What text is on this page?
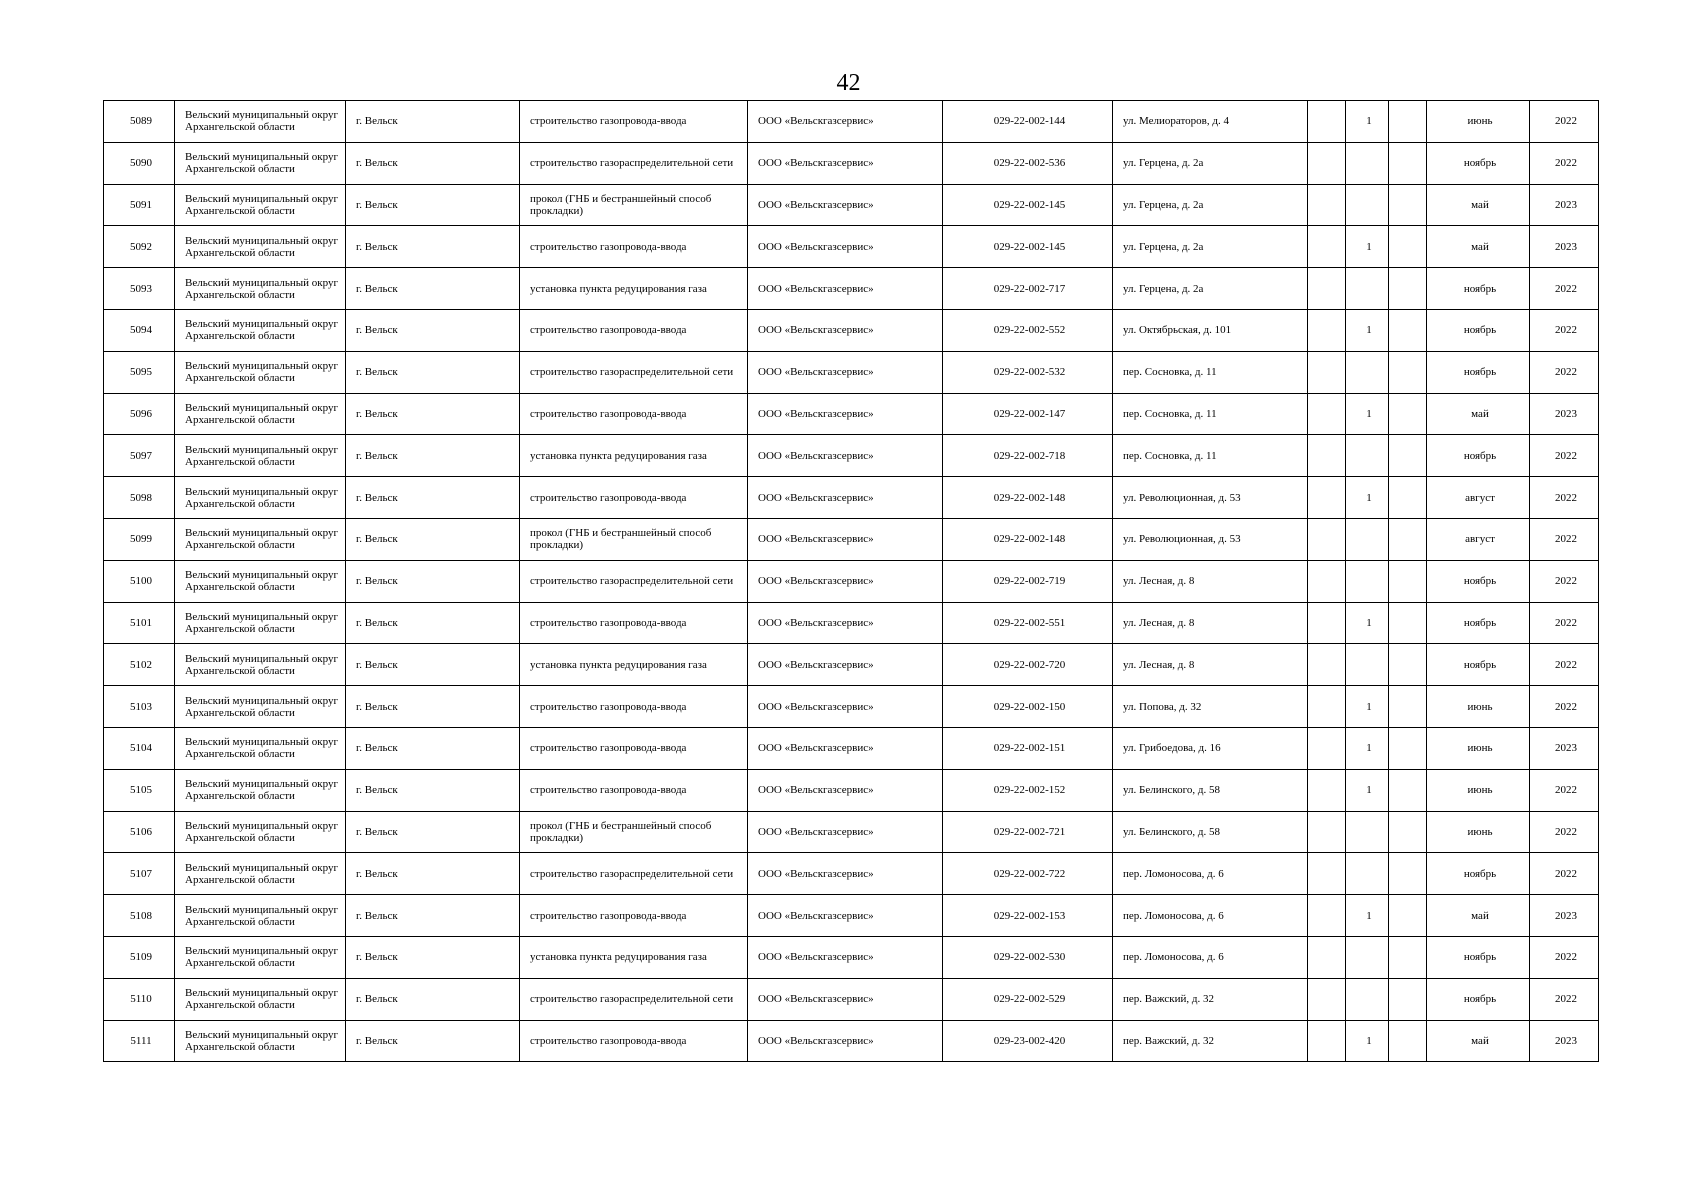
42
5089	Вельский муниципальный округ Архангельской области	г. Вельск	строительство газопровода-ввода	ООО «Вельскгазсервис»	029-22-002-144	ул. Мелиораторов, д. 4		1		июнь	2022
5090	Вельский муниципальный округ Архангельской области	г. Вельск	строительство газораспределительной сети	ООО «Вельскгазсервис»	029-22-002-536	ул. Герцена, д. 2а				ноябрь	2022
5091	Вельский муниципальный округ Архангельской области	г. Вельск	прокол (ГНБ и бестраншейный способ прокладки)	ООО «Вельскгазсервис»	029-22-002-145	ул. Герцена, д. 2а				май	2023
5092	Вельский муниципальный округ Архангельской области	г. Вельск	строительство газопровода-ввода	ООО «Вельскгазсервис»	029-22-002-145	ул. Герцена, д. 2а		1		май	2023
5093	Вельский муниципальный округ Архангельской области	г. Вельск	установка пункта редуцирования газа	ООО «Вельскгазсервис»	029-22-002-717	ул. Герцена, д. 2а				ноябрь	2022
5094	Вельский муниципальный округ Архангельской области	г. Вельск	строительство газопровода-ввода	ООО «Вельскгазсервис»	029-22-002-552	ул. Октябрьская, д. 101		1		ноябрь	2022
5095	Вельский муниципальный округ Архангельской области	г. Вельск	строительство газораспределительной сети	ООО «Вельскгазсервис»	029-22-002-532	пер. Сосновка, д. 11				ноябрь	2022
5096	Вельский муниципальный округ Архангельской области	г. Вельск	строительство газопровода-ввода	ООО «Вельскгазсервис»	029-22-002-147	пер. Сосновка, д. 11		1		май	2023
5097	Вельский муниципальный округ Архангельской области	г. Вельск	установка пункта редуцирования газа	ООО «Вельскгазсервис»	029-22-002-718	пер. Сосновка, д. 11				ноябрь	2022
5098	Вельский муниципальный округ Архангельской области	г. Вельск	строительство газопровода-ввода	ООО «Вельскгазсервис»	029-22-002-148	ул. Революционная, д. 53		1		август	2022
5099	Вельский муниципальный округ Архангельской области	г. Вельск	прокол (ГНБ и бестраншейный способ прокладки)	ООО «Вельскгазсервис»	029-22-002-148	ул. Революционная, д. 53				август	2022
5100	Вельский муниципальный округ Архангельской области	г. Вельск	строительство газораспределительной сети	ООО «Вельскгазсервис»	029-22-002-719	ул. Лесная, д. 8				ноябрь	2022
5101	Вельский муниципальный округ Архангельской области	г. Вельск	строительство газопровода-ввода	ООО «Вельскгазсервис»	029-22-002-551	ул. Лесная, д. 8		1		ноябрь	2022
5102	Вельский муниципальный округ Архангельской области	г. Вельск	установка пункта редуцирования газа	ООО «Вельскгазсервис»	029-22-002-720	ул. Лесная, д. 8				ноябрь	2022
5103	Вельский муниципальный округ Архангельской области	г. Вельск	строительство газопровода-ввода	ООО «Вельскгазсервис»	029-22-002-150	ул. Попова, д. 32		1		июнь	2022
5104	Вельский муниципальный округ Архангельской области	г. Вельск	строительство газопровода-ввода	ООО «Вельскгазсервис»	029-22-002-151	ул. Грибоедова, д. 16		1		июнь	2023
5105	Вельский муниципальный округ Архангельской области	г. Вельск	строительство газопровода-ввода	ООО «Вельскгазсервис»	029-22-002-152	ул. Белинского, д. 58		1		июнь	2022
5106	Вельский муниципальный округ Архангельской области	г. Вельск	прокол (ГНБ и бестраншейный способ прокладки)	ООО «Вельскгазсервис»	029-22-002-721	ул. Белинского, д. 58				июнь	2022
5107	Вельский муниципальный округ Архангельской области	г. Вельск	строительство газораспределительной сети	ООО «Вельскгазсервис»	029-22-002-722	пер. Ломоносова, д. 6				ноябрь	2022
5108	Вельский муниципальный округ Архангельской области	г. Вельск	строительство газопровода-ввода	ООО «Вельскгазсервис»	029-22-002-153	пер. Ломоносова, д. 6		1		май	2023
5109	Вельский муниципальный округ Архангельской области	г. Вельск	установка пункта редуцирования газа	ООО «Вельскгазсервис»	029-22-002-530	пер. Ломоносова, д. 6				ноябрь	2022
5110	Вельский муниципальный округ Архангельской области	г. Вельск	строительство газораспределительной сети	ООО «Вельскгазсервис»	029-22-002-529	пер. Важский, д. 32				ноябрь	2022
5111	Вельский муниципальный округ Архангельской области	г. Вельск	строительство газопровода-ввода	ООО «Вельскгазсервис»	029-23-002-420	пер. Важский, д. 32		1		май	2023
